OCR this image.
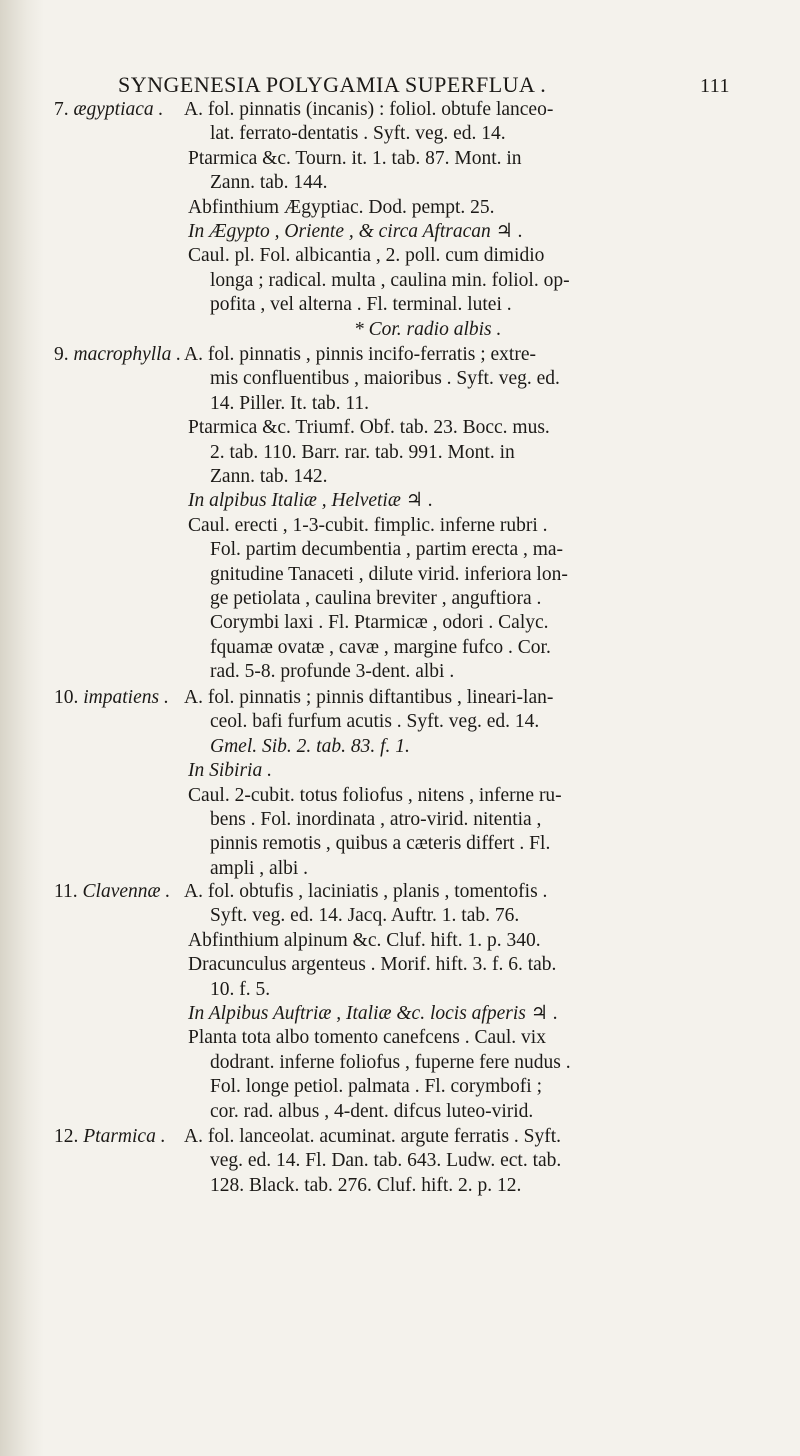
SYNGENESIA POLYGAMIA SUPERFLUA .	111
7. ægyptiaca .	A. fol. pinnatis (incanis) : foliol. obtufe lanceo-
lat. ferrato-dentatis . Syft. veg. ed. 14.
Ptarmica &c. Tourn. it. 1. tab. 87. Mont. in
Zann. tab. 144.
Abfinthium Ægyptiac. Dod. pempt. 25.
In Ægypto , Oriente , & circa Aftracan ♃ .
Caul. pl. Fol. albicantia , 2. poll. cum dimidio
longa ; radical. multa , caulina min. foliol. op-
pofita , vel alterna . Fl. terminal. lutei .
* Cor. radio albis .
9. macrophylla . A. fol. pinnatis , pinnis incifo-ferratis ; extre-
mis confluentibus , maioribus . Syft. veg. ed.
14. Piller. It. tab. 11.
Ptarmica &c. Triumf. Obf. tab. 23. Bocc. mus.
2. tab. 110. Barr. rar. tab. 991. Mont. in
Zann. tab. 142.
In alpibus Italiæ , Helvetiæ ♃ .
Caul. erecti , 1-3-cubit. fimplic. inferne rubri .
Fol. partim decumbentia , partim erecta , ma-
gnitudine Tanaceti , dilute virid. inferiora lon-
ge petiolata , caulina breviter , anguftiora .
Corymbi laxi . Fl. Ptarmicæ , odori . Calyc.
fquamæ ovatæ , cavæ , margine fufco . Cor.
rad. 5-8. profunde 3-dent. albi .
10. impatiens . A. fol. pinnatis ; pinnis diftantibus , lineari-lan-
ceol. bafi furfum acutis . Syft. veg. ed. 14.
Gmel. Sib. 2. tab. 83. f. 1.
In Sibiria .
Caul. 2-cubit. totus foliofus , nitens , inferne ru-
bens . Fol. inordinata , atro-virid. nitentia ,
pinnis remotis , quibus a cæteris differt . Fl.
ampli , albi .
11. Clavennæ . A. fol. obtufis , laciniatis , planis , tomentofis .
Syft. veg. ed. 14. Jacq. Auftr. 1. tab. 76.
Abfinthium alpinum &c. Cluf. hift. 1. p. 340.
Dracunculus argenteus . Morif. hift. 3. f. 6. tab.
10. f. 5.
In Alpibus Auftriæ , Italiæ &c. locis afperis ♃ .
Planta tota albo tomento canefcens . Caul. vix
dodrant. inferne foliofus , fuperne fere nudus .
Fol. longe petiol. palmata . Fl. corymbofi ;
cor. rad. albus , 4-dent. difcus luteo-virid.
12. Ptarmica . A. fol. lanceolat. acuminat. argute ferratis . Syft.
veg. ed. 14. Fl. Dan. tab. 643. Ludw. ect. tab.
128. Black. tab. 276. Cluf. hift. 2. p. 12.
